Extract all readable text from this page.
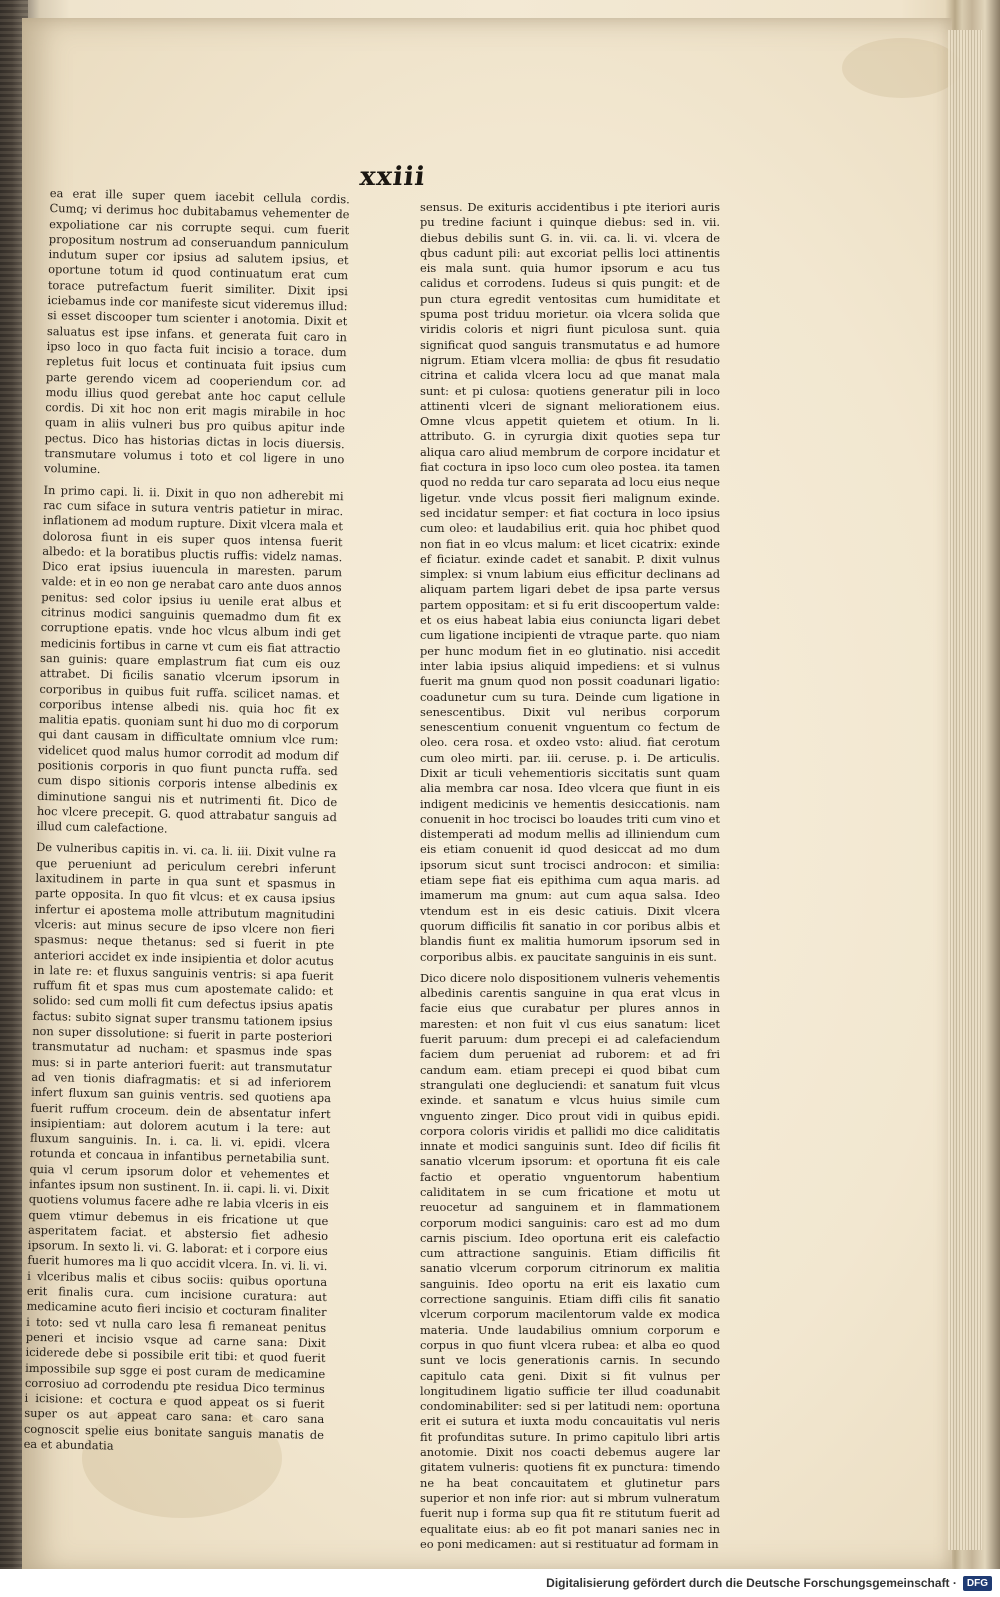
xxiii

ea erat ille super quem iacebit cellula cordis. Cumq; vi derimus hoc dubitabamus vehementer de expoliatione car nis corrupte sequi. cum fuerit propositum nostrum ad conseruandum panniculum indutum super cor ipsius ad salutem ipsius, et oportune totum id quod continuatum erat cum torace putrefactum fuerit similiter. Dixit ipsi iciebamus inde cor manifeste sicut videremus illud: si esset discooper tum scienter i anotomia. Dixit et saluatus est ipse infans. et generata fuit caro in ipso loco in quo facta fuit incisio a torace. dum repletus fuit locus et continuata fuit ipsius cum parte gerendo vicem ad cooperiendum cor. ad modu illius quod gerebat ante hoc caput cellule cordis. Di xit hoc non erit magis mirabile in hoc quam in aliis vulneri bus pro quibus apitur inde pectus. Dico has historias dictas in locis diuersis. transmutare volumus i toto et col ligere in uno volumine.

In primo capi. li. ii. Dixit in quo non adherebit mi rac cum siface in sutura ventris patietur in mirac. inflationem ad modum rupture. Dixit vlcera mala et dolorosa fiunt in eis super quos intensa fuerit albedo: et la boratibus pluctis ruffis: videlz namas. Dico erat ipsius iuuencula in maresten. parum valde: et in eo non ge nerabat caro ante duos annos penitus: sed color ipsius iu uenile erat albus et citrinus modici sanguinis quemadmo dum fit ex corruptione epatis. vnde hoc vlcus album indi get medicinis fortibus in carne vt cum eis fiat attractio san guinis: quare emplastrum fiat cum eis ouz attrabet. Di ficilis sanatio vlcerum ipsorum in corporibus in quibus fuit ruffa. scilicet namas. et corporibus intense albedi nis. quia hoc fit ex malitia epatis. quoniam sunt hi duo mo di corporum qui dant causam in difficultate omnium vlce rum: videlicet quod malus humor corrodit ad modum dif positionis corporis in quo fiunt puncta ruffa. sed cum dispo sitionis corporis intense albedinis ex diminutione sangui nis et nutrimenti fit. Dico de hoc vlcere precepit. G. quod attrabatur sanguis ad illud cum calefactione.

De vulneribus capitis in. vi. ca. li. iii. Dixit vulne ra que perueniunt ad periculum cerebri inferunt laxitudinem in parte in qua sunt et spasmus in parte opposita. In quo fit vlcus: et ex causa ipsius infertur ei apostema molle attributum magnitudini vlceris: aut minus secure de ipso vlcere non fieri spasmus: neque thetanus: sed si fuerit in pte anteriori accidet ex inde insipientia et dolor acutus in late re: et fluxus sanguinis ventris: si apa fuerit ruffum fit et spas mus cum apostemate calido: et solido: sed cum molli fit cum defectus ipsius apatis factus: subito signat super transmu tationem ipsius non super dissolutione: si fuerit in parte posteriori transmutatur ad nucham: et spasmus inde spas mus: si in parte anteriori fuerit: aut transmutatur ad ven tionis diafragmatis: et si ad inferiorem infert fluxum san guinis ventris. sed quotiens apa fuerit ruffum croceum. dein de absentatur infert insipientiam: aut dolorem acutum i la tere: aut fluxum sanguinis. In. i. ca. li. vi. epidi. vlcera rotunda et concaua in infantibus pernetabilia sunt. quia vl cerum ipsorum dolor et vehementes et infantes ipsum non sustinent. In. ii. capi. li. vi. Dixit quotiens volumus facere adhe re labia vlceris in eis quem vtimur debemus in eis fricatione ut que asperitatem faciat. et abstersio fiet adhesio ipsorum. In sexto li. vi. G. laborat: et i corpore eius fuerit humores ma li quo accidit vlcera. In. vi. li. vi. i vlceribus malis et cibus sociis: quibus oportuna erit finalis cura. cum incisione curatura: aut medicamine acuto fieri incisio et cocturam finaliter i toto: sed vt nulla caro lesa fi remaneat penitus peneri et incisio vsque ad carne sana: Dixit iciderede debe si possibile erit tibi: et quod fuerit impossibile sup sgge ei post curam de medicamine corrosiuo ad corrodendu pte residua Dico terminus i icisione: et coctura e quod appeat os si fuerit super os aut appeat caro sana: et caro sana cognoscit spelie eius bonitate sanguis manatis de ea et abundatia

sensus. De exituris accidentibus i pte iteriori auris pu tredine faciunt i quinque diebus: sed in. vii. diebus debilis sunt G. in. vii. ca. li. vi. vlcera de qbus cadunt pili: aut excoriat pellis loci attinentis eis mala sunt. quia humor ipsorum e acu tus calidus et corrodens. Iudeus si quis pungit: et de pun ctura egredit ventositas cum humiditate et spuma post triduu morietur. oia vlcera solida que viridis coloris et nigri fiunt piculosa sunt. quia significat quod sanguis transmutatus e ad humore nigrum. Etiam vlcera mollia: de qbus fit resudatio citrina et calida vlcera locu ad que manat mala sunt: et pi culosa: quotiens generatur pili in loco attinenti vlceri de signant meliorationem eius. Omne vlcus appetit quietem et otium. In li. attributo. G. in cyrurgia dixit quoties sepa tur aliqua caro aliud membrum de corpore incidatur et fiat coctura in ipso loco cum oleo postea. ita tamen quod no redda tur caro separata ad locu eius neque ligetur. vnde vlcus possit fieri malignum exinde. sed incidatur semper: et fiat coctura in loco ipsius cum oleo: et laudabilius erit. quia hoc phibet quod non fiat in eo vlcus malum: et licet cicatrix: exinde ef ficiatur. exinde cadet et sanabit. P. dixit vulnus simplex: si vnum labium eius efficitur declinans ad aliquam partem ligari debet de ipsa parte versus partem oppositam: et si fu erit discoopertum valde: et os eius habeat labia eius coniuncta ligari debet cum ligatione incipienti de vtraque parte. quo niam per hunc modum fiet in eo glutinatio. nisi accedit inter labia ipsius aliquid impediens: et si vulnus fuerit ma gnum quod non possit coadunari ligatio: coadunetur cum su tura. Deinde cum ligatione in senescentibus. Dixit vul neribus corporum senescentium conuenit vnguentum co fectum de oleo. cera rosa. et oxdeo vsto: aliud. fiat cerotum cum oleo mirti. par. iii. ceruse. p. i. De articulis. Dixit ar ticuli vehementioris siccitatis sunt quam alia membra car nosa. Ideo vlcera que fiunt in eis indigent medicinis ve hementis desiccationis. nam conuenit in hoc trocisci bo loaudes triti cum vino et distemperati ad modum mellis ad illiniendum cum eis etiam conuenit id quod desiccat ad mo dum ipsorum sicut sunt trocisci androcon: et similia: etiam sepe fiat eis epithima cum aqua maris. ad imamerum ma gnum: aut cum aqua salsa. Ideo vtendum est in eis desic catiuis. Dixit vlcera quorum difficilis fit sanatio in cor poribus albis et blandis fiunt ex malitia humorum ipsorum sed in corporibus albis. ex paucitate sanguinis in eis sunt.

Dico dicere nolo dispositionem vulneris vehementis albedinis carentis sanguine in qua erat vlcus in facie eius que curabatur per plures annos in maresten: et non fuit vl cus eius sanatum: licet fuerit paruum: dum precepi ei ad calefaciendum faciem dum perueniat ad ruborem: et ad fri candum eam. etiam precepi ei quod bibat cum strangulati one degluciendi: et sanatum fuit vlcus exinde. et sanatum e vlcus huius simile cum vnguento zinger. Dico prout vidi in quibus epidi. corpora coloris viridis et pallidi mo dice caliditatis innate et modici sanguinis sunt. Ideo dif ficilis fit sanatio vlcerum ipsorum: et oportuna fit eis cale factio et operatio vnguentorum habentium caliditatem in se cum fricatione et motu ut reuocetur ad sanguinem et in flammationem corporum modici sanguinis: caro est ad mo dum carnis piscium. Ideo oportuna erit eis calefactio cum attractione sanguinis. Etiam difficilis fit sanatio vlcerum corporum citrinorum ex malitia sanguinis. Ideo oportu na erit eis laxatio cum correctione sanguinis. Etiam diffi cilis fit sanatio vlcerum corporum macilentorum valde ex modica materia. Unde laudabilius omnium corporum e corpus in quo fiunt vlcera rubea: et alba eo quod sunt ve locis generationis carnis. In secundo capitulo cata geni. Dixit si fit vulnus per longitudinem ligatio sufficie ter illud coadunabit condominabiliter: sed si per latitudi nem: oportuna erit ei sutura et iuxta modu concauitatis vul neris fit profunditas suture. In primo capitulo libri artis anotomie. Dixit nos coacti debemus augere lar gitatem vulneris: quotiens fit ex punctura: timendo ne ha beat concauitatem et glutinetur pars superior et non infe rior: aut si mbrum vulneratum fuerit nup i forma sup qua fit re stitutum fuerit ad equalitate eius: ab eo fit pot manari sanies nec in eo poni medicamen: aut si restituatur ad formam in

Digitalisierung gefördert durch die Deutsche Forschungsgemeinschaft ·	DFG
